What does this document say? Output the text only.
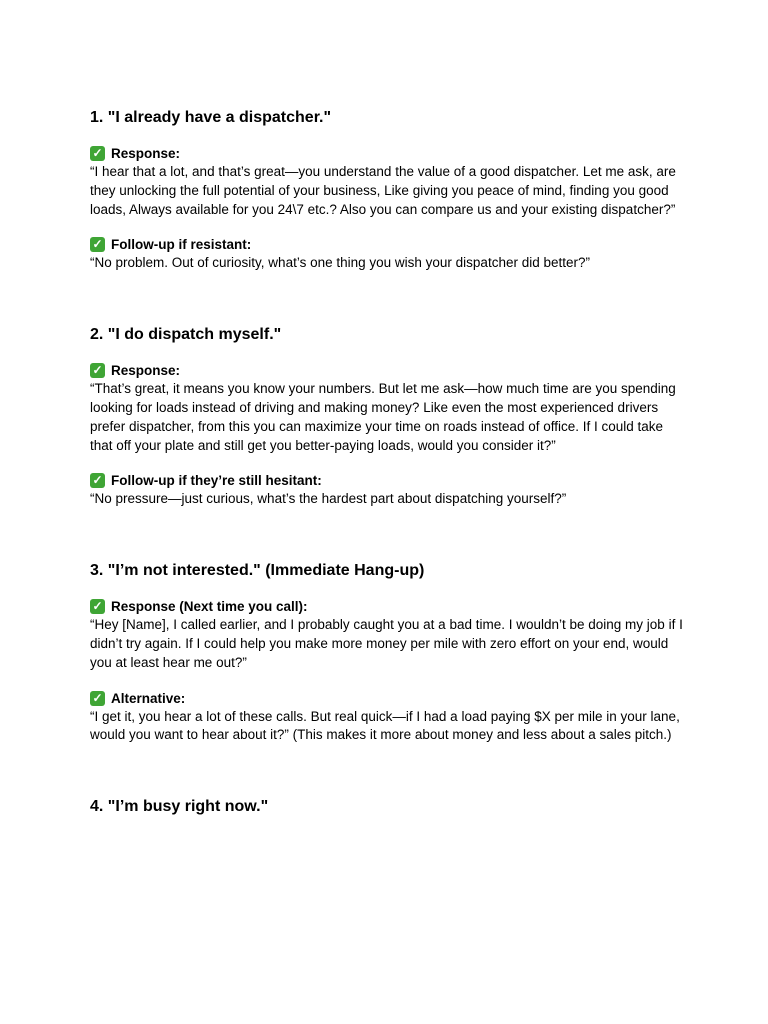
1. "I already have a dispatcher."
✓ Response:

“I hear that a lot, and that’s great—you understand the value of a good dispatcher. Let me ask, are they unlocking the full potential of your business, Like giving you peace of mind, finding you good loads, Always available for you 24\7 etc.? Also you can compare us and your existing dispatcher?”

✓ Follow-up if resistant:

“No problem. Out of curiosity, what’s one thing you wish your dispatcher did better?”

2. "I do dispatch myself."
✓ Response:

“That’s great, it means you know your numbers. But let me ask—how much time are you spending looking for loads instead of driving and making money? Like even the most experienced drivers prefer dispatcher, from this you can maximize your time on roads instead of office. If I could take that off your plate and still get you better-paying loads, would you consider it?”

✓ Follow-up if they’re still hesitant:

“No pressure—just curious, what’s the hardest part about dispatching yourself?”

3. "I’m not interested." (Immediate Hang-up)
✓ Response (Next time you call):

“Hey [Name], I called earlier, and I probably caught you at a bad time. I wouldn’t be doing my job if I didn’t try again. If I could help you make more money per mile with zero effort on your end, would you at least hear me out?”

✓ Alternative:

“I get it, you hear a lot of these calls. But real quick—if I had a load paying $X per mile in your lane, would you want to hear about it?” (This makes it more about money and less about a sales pitch.)

4. "I’m busy right now."
